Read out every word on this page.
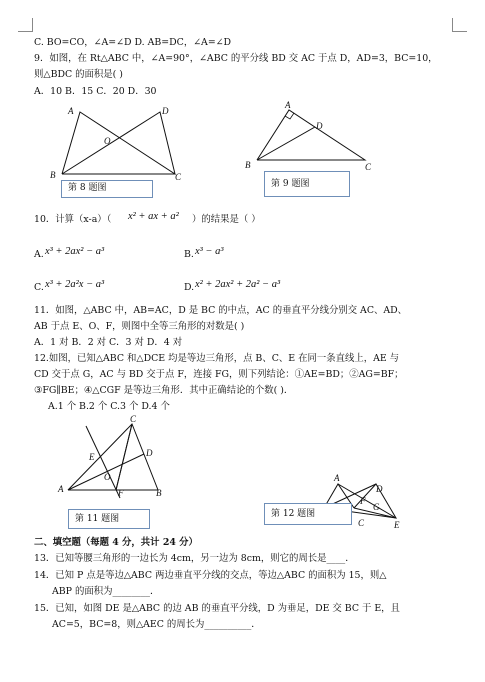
C. BO=CO，∠A=∠D D. AB=DC，∠A=∠D
9．如图，在 Rt△ABC 中，∠A=90°，∠ABC 的平分线 BD 交 AC 于点 D，AD=3，BC=10，
则△BDC 的面积是( )
A．10 B．15 C．20 D．30
A	D
O
B	C
第 8 题图
A
D
B	C
第 9 题图
10．计算（x-a）（ x² + ax + a² ）的结果是（ ）
A. x³ + 2ax² − a³	B. x³ − a³
C. x³ + 2a²x − a³	D. x² + 2ax² + 2a² − a³
11．如图，△ABC 中，AB=AC，D 是 BC 的中点，AC 的垂直平分线分别交 AC、AD、
AB 于点 E、O、F，则图中全等三角形的对数是( )
A．1 对 B．2 对 C．3 对 D．4 对
12.如图，已知△ABC 和△DCE 均是等边三角形，点 B、C、E 在同一条直线上，AE 与
CD 交于点 G，AC 与 BD 交于点 F，连接 FG，则下列结论：①AE=BD；②AG=BF；
③FG∥BE；④△CGF 是等边三角形．其中正确结论的个数( )．
A.1 个 B.2 个 C.3 个 D.4 个
C
E	D
O
A	F	B
第 11 题图
A
D
G
F
C	E
第 12 题图
二、填空题（每题 4 分，共计 24 分）
13．已知等腰三角形的一边长为 4cm，另一边为 8cm，则它的周长是____．
14．已知 P 点是等边△ABC 两边垂直平分线的交点，等边△ABC 的面积为 15，则△
ABP 的面积为________．
15．已知，如图 DE 是△ABC 的边 AB 的垂直平分线，D 为垂足，DE 交 BC 于 E，且
AC=5，BC=8，则△AEC 的周长为__________．
